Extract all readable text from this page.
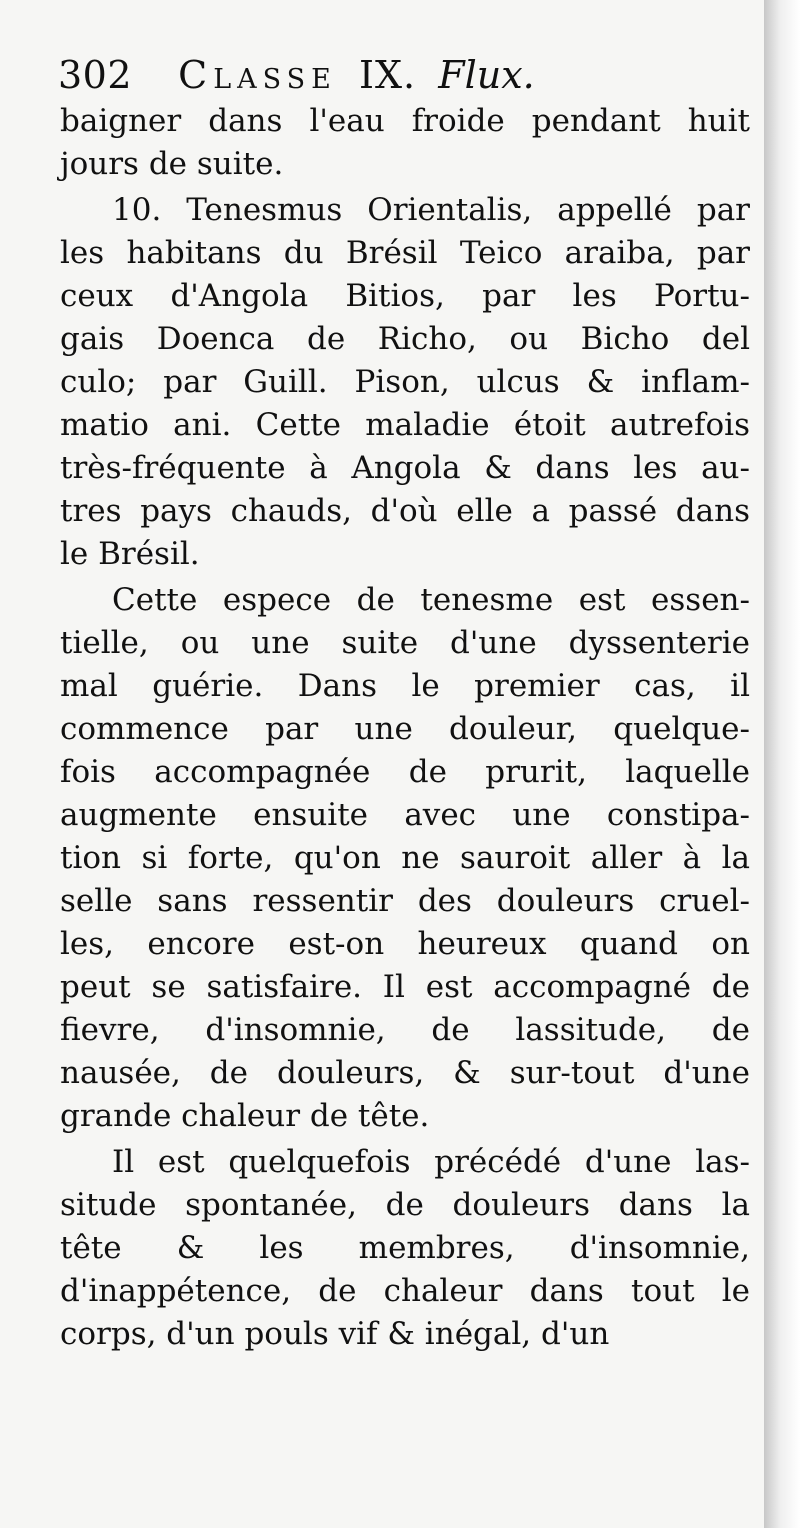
302 Classe IX. Flux.
baigner dans l'eau froide pendant huit
jours de suite.
10. Tenesmus Orientalis, appellé par
les habitans du Brésil Teico araiba, par
ceux d'Angola Bitios, par les Portu-
gais Doenca de Richo, ou Bicho del
culo; par Guill. Pison, ulcus & inflam-
matio ani. Cette maladie étoit autrefois
très-fréquente à Angola & dans les au-
tres pays chauds, d'où elle a passé dans
le Brésil.
Cette espece de tenesme est essen-
tielle, ou une suite d'une dyssenterie
mal guérie. Dans le premier cas, il
commence par une douleur, quelque-
fois accompagnée de prurit, laquelle
augmente ensuite avec une constipa-
tion si forte, qu'on ne sauroit aller à la
selle sans ressentir des douleurs cruel-
les, encore est-on heureux quand on
peut se satisfaire. Il est accompagné de
fievre, d'insomnie, de lassitude, de
nausée, de douleurs, & sur-tout d'une
grande chaleur de tête.
Il est quelquefois précédé d'une las-
situde spontanée, de douleurs dans la
tête & les membres, d'insomnie,
d'inappétence, de chaleur dans tout le
corps, d'un pouls vif & inégal, d'un
